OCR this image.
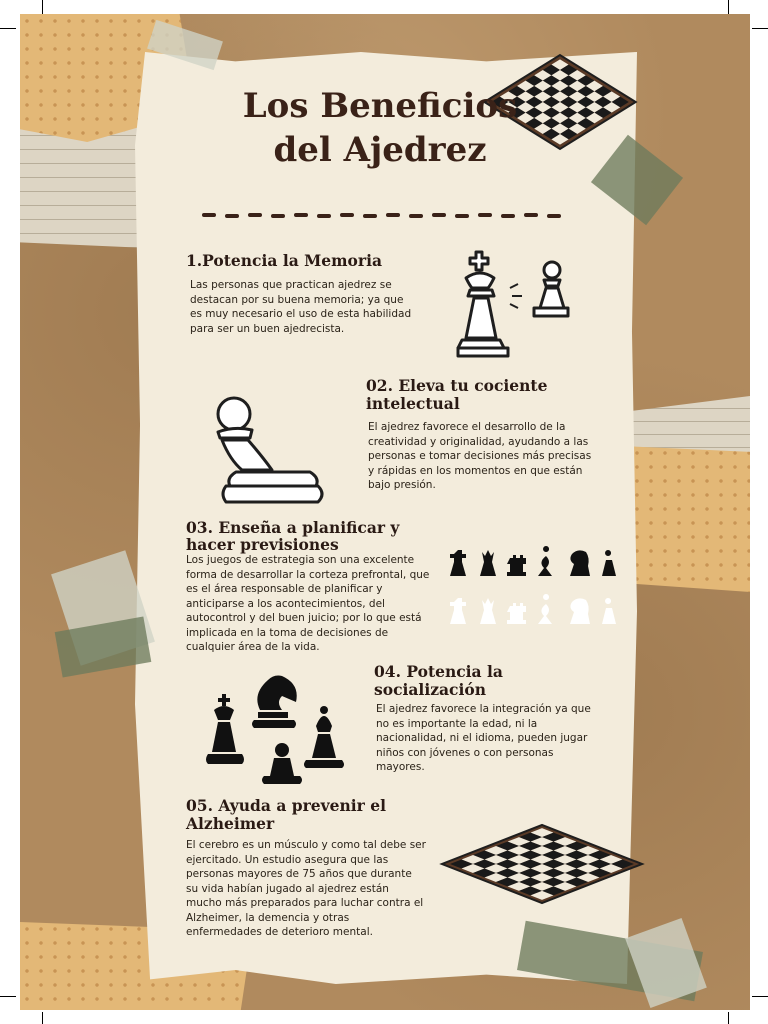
Los Beneficios
del Ajedrez
1.Potencia la Memoria
Las personas que practican ajedrez se destacan por su buena memoria; ya que es muy necesario el uso de esta habilidad para ser un buen ajedrecista.
02. Eleva tu cociente intelectual
El ajedrez favorece el desarrollo de la creatividad y originalidad, ayudando a las personas e tomar decisiones más precisas y rápidas en los momentos en que están bajo presión.
03. Enseña a planificar y hacer previsiones
Los juegos de estrategia son una excelente forma de desarrollar la corteza prefrontal, que es el área responsable de planificar y anticiparse a los acontecimientos, del autocontrol y del buen juicio; por lo que está implicada en la toma de decisiones de cualquier área de la vida.
04. Potencia la socialización
El ajedrez favorece la integración ya que no es importante la edad, ni la nacionalidad, ni el idioma, pueden jugar niños con jóvenes o con personas mayores.
05. Ayuda a prevenir el Alzheimer
El cerebro es un músculo y como tal debe ser ejercitado. Un estudio asegura que las personas mayores de 75 años que durante su vida habían jugado al ajedrez están mucho más preparados para luchar contra el Alzheimer, la demencia y otras enfermedades de deterioro mental.
